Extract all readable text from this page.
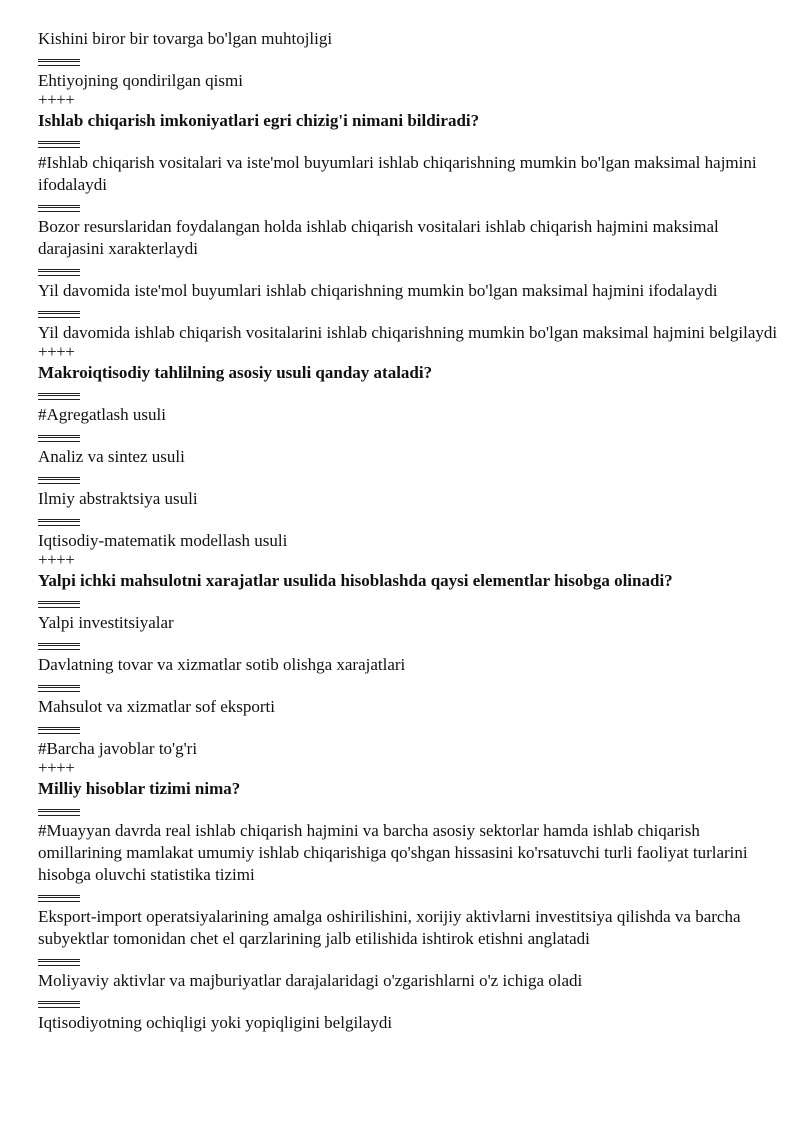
Kishini biror bir tovarga bo'lgan muhtojligi
Ehtiyojning qondirilgan qismi
++++
Ishlab chiqarish imkoniyatlari egri chizig'i nimani bildiradi?
#Ishlab chiqarish vositalari va iste'mol buyumlari ishlab chiqarishning mumkin bo'lgan maksimal hajmini ifodalaydi
Bozor resurslaridan foydalangan holda ishlab chiqarish vositalari ishlab chiqarish hajmini maksimal darajasini xarakterlaydi
Yil davomida iste'mol buyumlari ishlab chiqarishning mumkin bo'lgan maksimal hajmini ifodalaydi
Yil davomida ishlab chiqarish vositalarini ishlab chiqarishning mumkin bo'lgan maksimal hajmini belgilaydi
++++
Makroiqtisodiy tahlilning asosiy usuli qanday ataladi?
#Agregatlash usuli
Analiz va sintez usuli
Ilmiy abstraktsiya usuli
Iqtisodiy-matematik modellash usuli
++++
Yalpi ichki mahsulotni xarajatlar usulida hisoblashda qaysi elementlar hisobga olinadi?
Yalpi investitsiyalar
Davlatning tovar va xizmatlar sotib olishga xarajatlari
Mahsulot va xizmatlar sof eksporti
#Barcha javoblar to'g'ri
++++
Milliy hisoblar tizimi nima?
#Muayyan davrda real ishlab chiqarish hajmini va barcha asosiy sektorlar hamda ishlab chiqarish omillarining mamlakat umumiy ishlab chiqarishiga qo'shgan hissasini ko'rsatuvchi turli faoliyat turlarini hisobga oluvchi statistika tizimi
Eksport-import operatsiyalarining amalga oshirilishini, xorijiy aktivlarni investitsiya qilishda va barcha subyektlar tomonidan chet el qarzlarining jalb etilishida ishtirok etishni anglatadi
Moliyaviy aktivlar va majburiyatlar darajalaridagi o'zgarishlarni o'z ichiga oladi
Iqtisodiyotning ochiqligi yoki yopiqligini belgilaydi
